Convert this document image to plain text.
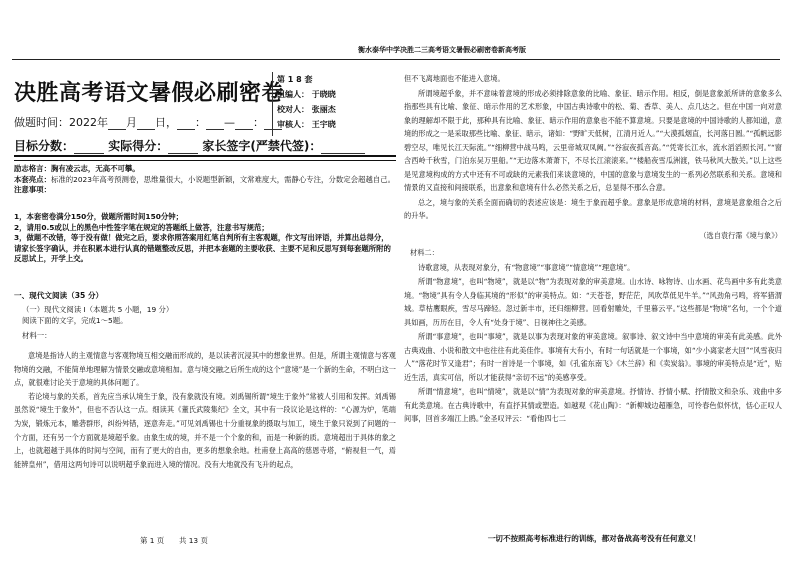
衡水泰华中学决胜二三高考语文暑假必刷密卷新高考版
决胜高考语文暑假必刷密卷
第 1 8 套
组编人： 于晓晓
校对人： 张丽杰
审核人： 王宇晓
做题时间：2022年 月 日， ： — ：
目标分数：	实际得分：	家长签字(严禁代签)：
励志格言：胸有凌云志，无高不可攀。
本套亮点：标准的2023年高考预测卷，思维量很大，小说题型新颖，文常难度大，需静心专注，分数定会超越自己。
注意事项：

1，本套密卷满分150分，做题所需时间150分钟；

2，请用0.5或以上的黑色中性签字笔在规定的答题纸上做答，注意书写规范；

3，做题不改错，等于没有做！做完之后，要求你照答案用红笔自判所有主客观题，作文写出评语，并算出总得分，请家长签字确认，并在积累本进行认真的错题整改反思，并把本套题的主要收获、主要不足和反思写到每套题所附的反思试上，开学上交。

一、现代文阅读（35 分）
（一）现代文阅读 I（本题共 5 小题，19 分）
阅读下面的文字，完成1～5题。
材料一：

意境是指诗人的主观情意与客观物境互相交融而形成的，是以读者沉浸其中的想象世界。但是，所谓主观情意与客观物境的交融，不能简单地理解为情景交融或意境相加。意与境交融之后所生成的这个“意境”是一个新的生命，不明白这一点，就很难讨论关于意境的具体问题了。

若论境与象的关系，首先应当承认境生于象，没有象就没有境。刘禹锡所谓“境生于象外”常被人引用和发挥。刘禹锡虽然说“境生于象外”，但也不否认这一点。细读其《董氏武陵集纪》全文，其中有一段议论是这样的：“心源为炉，笔端为炭，锻炼元本，雕砻群形，纠纷舛错，逐意奔走。”可见刘禹锡也十分重视象的摄取与加工，境生于象只说到了问题的一个方面，还有另一个方面就是境超乎象。由象生成的境，并不是一个个象的和，而是一种新的质。意境超出于具体的象之上，也就超越于具体的时间与空间，而有了更大的自由，更多的想象余地。杜甫登上高高的慈恩寺塔，“俯视但一气，焉能辨皇州”，借用这两句诗可以说明超乎象而进入境的情况。没有大地就没有飞升的起点，

第 1 页　　共 13 页

但不飞离地面也不能进入意境。

所谓境超乎象，并不意味着意境的形成必须排除意象的比喻、象征、暗示作用。相反，倒是意象派所讲的意象多么指那些具有比喻、象征、暗示作用的艺术形象，中国古典诗歌中的松、菊、香草、美人、点几达之。但在中国一向对意象的理解却不限于此，那种具有比喻、象征、暗示作用的意象也不能不算意境。只要是意境的中国诗歌的人都知道，意境的形成之一是采取那些比喻、象征、暗示，诸如：“野旷天低树，江清月近人。”“大漠孤烟直，长河落日圆。”“孤帆远影碧空尽，唯见长江天际流。”“细柳营中战马鸣，云里帝城双凤阙。”“谷寂夜孤音高。”“凭寄长江水，流水滔滔照长河。”“窗含西岭千秋雪，门泊东吴万里船。”“无边落木萧萧下，不尽长江滚滚来。”“楼船夜雪瓜洲渡，铁马秋风大散关。”以上这些是见意境构成的方式中还有不可或缺的元素我们来谈意境的，中国的意象与意境发生的一系列必然联系和关系。意境和情景的又直接和间接联系，出意象和意境有什么必然关系之后，总显得不那么合意。

总之，境与象的关系全面而确切的表述应该是：境生于象而超乎象。意象是形成意境的材料，意境是意象组合之后的升华。

（选自袁行霈《境与象》）

材料二：

诗歌意境，从表现对象分，有“物意境”“事意境”“情意境”“理意境”。

所谓“物意境”，也叫“物境”，就是以“物”为表现对象的审美意境。山水诗、咏物诗、山水画、花鸟画中多有此类意境。“物境”具有令人身临其境的“形似”的审美特点。如：“天苍苍，野茫茫，风吹草低见牛羊。”“风劲角弓鸣，将军猎渭城。草枯鹰眼疾，雪尽马蹄轻。忽过新丰市，还归细柳营。回看射雕处，千里暮云平。”这些都是“物境”名句，一个个道具如画，历历在目，令人有“处身于境”、日视神往之美感。

所谓“事意境”，也叫“事境”，就是以事为表现对象的审美意境。叙事诗、叙文诗中当中意境的审美有此美感。此外古典戏曲、小说和散文中也往往有此美佳作。事境有大有小，有时一句话就是一个事境，如“少小离家老大回”“风雪夜归人”“落花时节又逢君”；有时一首诗是一个事境，如《孔雀东南飞》《木兰辞》和《卖炭翁》。事境的审美特点是“近”，贴近生活，真实可信，所以才能获得“亲切不远”的美感享受。

所谓“情意境”，也叫“情境”，就是以“情”为表现对象的审美意境。抒情诗、抒情小赋、抒情散文和杂乐、戏曲中多有此类意境。在古典诗歌中，有直抒其情或塑造。如越观《花山陶》：“新柳城边超雁急，可怜春色似怀忧，恬心正叹人间事，回首多端江上鸥。”金圣叹评云：“看他四七二

一切不按照高考标准进行的训练，都对备战高考没有任何意义！
